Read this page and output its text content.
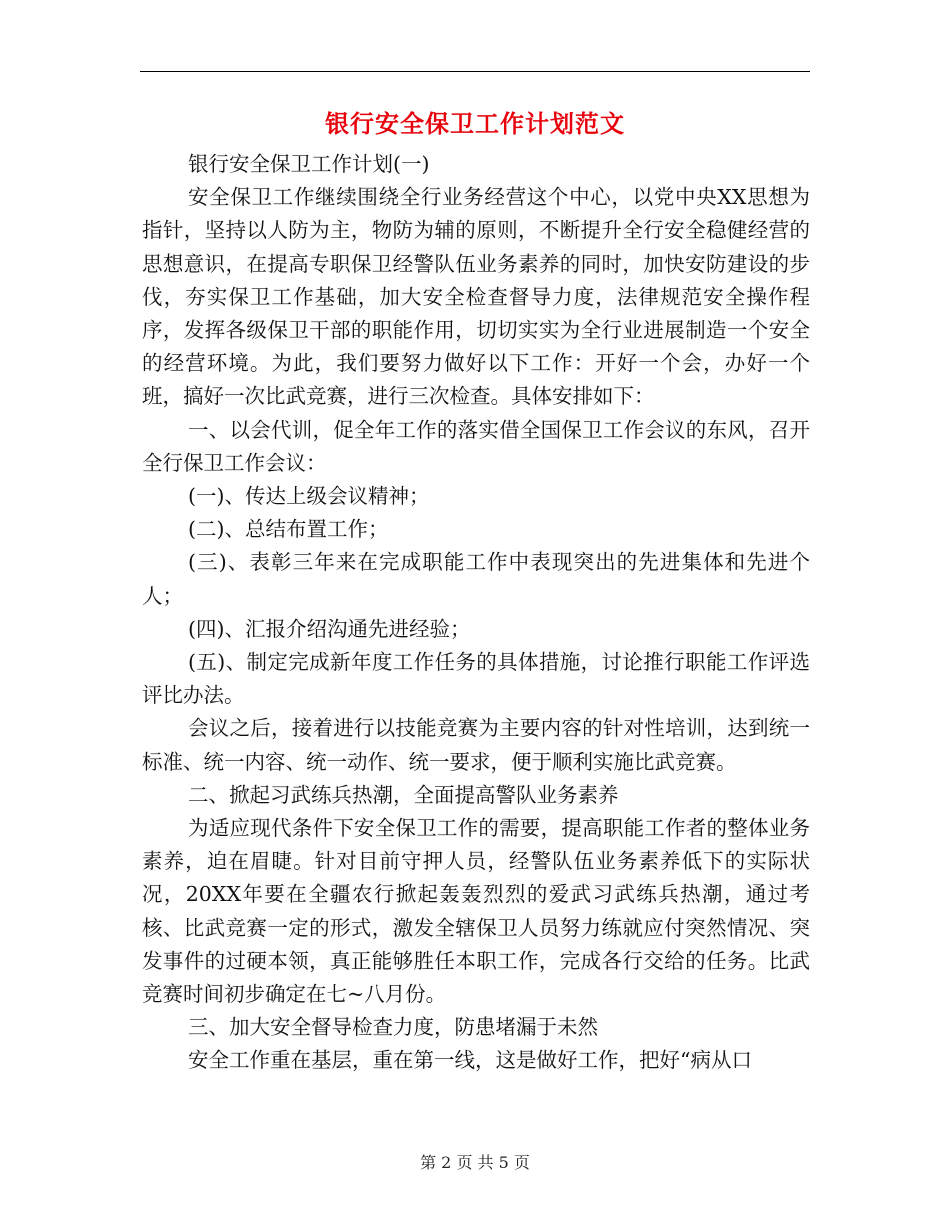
银行安全保卫工作计划范文

银行安全保卫工作计划(一)

安全保卫工作继续围绕全行业务经营这个中心，以党中央XX思想为指针，坚持以人防为主，物防为辅的原则，不断提升全行安全稳健经营的思想意识，在提高专职保卫经警队伍业务素养的同时，加快安防建设的步伐，夯实保卫工作基础，加大安全检查督导力度，法律规范安全操作程序，发挥各级保卫干部的职能作用，切切实实为全行业进展制造一个安全的经营环境。为此，我们要努力做好以下工作：开好一个会，办好一个班，搞好一次比武竞赛，进行三次检查。具体安排如下：

一、以会代训，促全年工作的落实借全国保卫工作会议的东风，召开全行保卫工作会议：

(一)、传达上级会议精神；

(二)、总结布置工作；

(三)、表彰三年来在完成职能工作中表现突出的先进集体和先进个人；

(四)、汇报介绍沟通先进经验；

(五)、制定完成新年度工作任务的具体措施，讨论推行职能工作评选评比办法。

会议之后，接着进行以技能竞赛为主要内容的针对性培训，达到统一标准、统一内容、统一动作、统一要求，便于顺利实施比武竞赛。

二、掀起习武练兵热潮，全面提高警队业务素养

为适应现代条件下安全保卫工作的需要，提高职能工作者的整体业务素养，迫在眉睫。针对目前守押人员，经警队伍业务素养低下的实际状况，20XX年要在全疆农行掀起轰轰烈烈的爱武习武练兵热潮，通过考核、比武竞赛一定的形式，激发全辖保卫人员努力练就应付突然情况、突发事件的过硬本领，真正能够胜任本职工作，完成各行交给的任务。比武竞赛时间初步确定在七~八月份。

三、加大安全督导检查力度，防患堵漏于未然

安全工作重在基层，重在第一线，这是做好工作，把好“病从口

第 2 页 共 5 页
